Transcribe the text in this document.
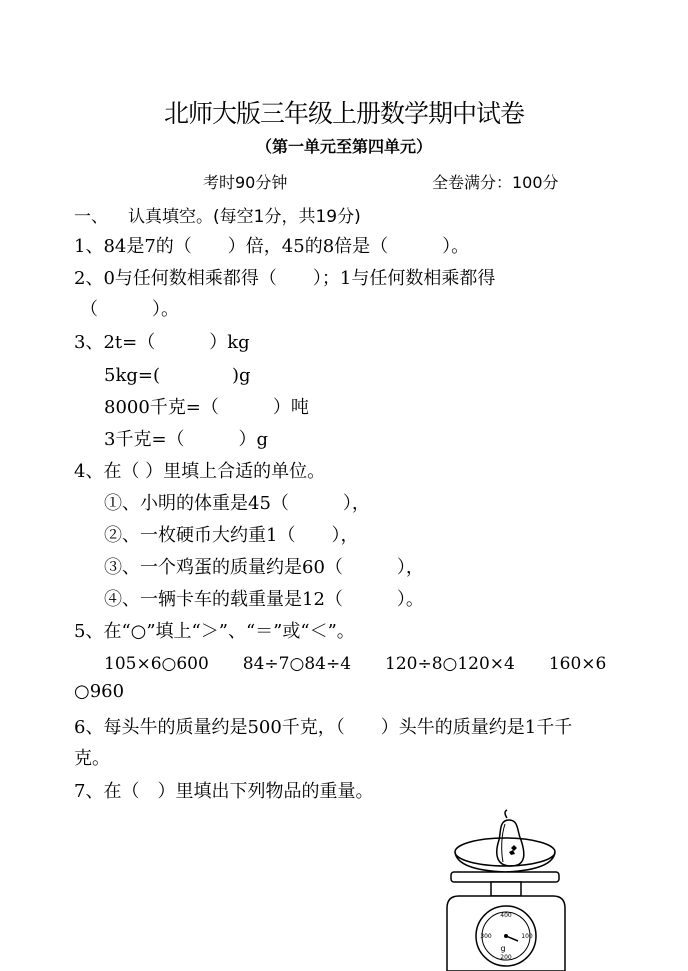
北师大版三年级上册数学期中试卷
（第一单元至第四单元）
考时90分钟	全卷满分：100分
一、 认真填空。(每空1分，共19分)
1、84是7的（　　）倍，45的8倍是（　　　）。
2、0与任何数相乘都得（　　）；1与任何数相乘都得
（　　　）。
3、2t=（　　　）kg
5kg=(　　　　)g
8000千克=（　　　）吨
3千克=（　　　）g
4、在（ ）里填上合适的单位。
①、小明的体重是45（　　　），
②、一枚硬币大约重1（　　），
③、一个鸡蛋的质量约是60（　　　），
④、一辆卡车的载重量是12（　　　）。
5、在“○”填上“＞”、“＝”或“＜”。
105×6○600　　84÷7○84÷4　　120÷8○120×4　　160×6
○960
6、每头牛的质量约是500千克，（　　）头牛的质量约是1千千
克。
7、在（　）里填出下列物品的重量。
400
100
300
200
g
